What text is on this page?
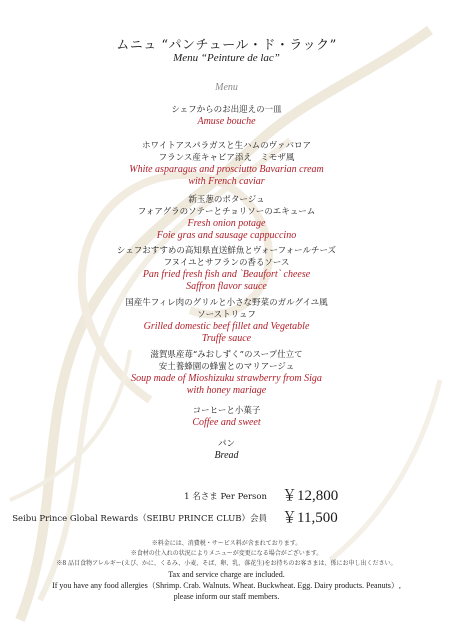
ムニュ “パンチュール・ド・ラック”
Menu “Peinture de lac”
Menu
シェフからのお出迎えの一皿
Amuse bouche
ホワイトアスパラガスと生ハムのヴァバロア
フランス産キャビア添え　ミモザ風
White asparagus and prosciutto Bavarian cream
with French caviar
新玉葱のポタージュ
フォアグラのソテーとチョリソーのエキューム
Fresh onion potage
Foie gras and sausage cappuccino
シェフおすすめの高知県直送鮮魚とヴォーフォールチーズ
フヌイユとサフランの香るソース
Pan fried fresh fish and `Beaufort` cheese
Saffron flavor sauce
国産牛フィレ肉のグリルと小さな野菜のガルグイユ風
ソーストリュフ
Grilled domestic beef fillet and Vegetable
Truffe sauce
滋賀県産苺“みおしずく”のスープ仕立て
安土養蜂園の蜂蜜とのマリアージュ
Soup made of Mioshizuku strawberry from Siga
with honey mariage
コーヒーと小菓子
Coffee and sweet
パン
Bread
1 名さま Per Person ￥12,800
Seibu Prince Global Rewards（SEIBU PRINCE CLUB）会員 ￥11,500
※料金には、消費税・サービス料が含まれております。
※食材の仕入れの状況によりメニューが変更になる場合がございます。
※8 品目食物アレルギー(えび、かに、くるみ、小麦、そば、卵、乳、落花生)をお持ちのお客さまは、係にお申し出ください。
Tax and service charge are included.
If you have any food allergies（Shrimp. Crab. Walnuts. Wheat. Buckwheat. Egg. Dairy products. Peanuts）,
please inform our staff members.
